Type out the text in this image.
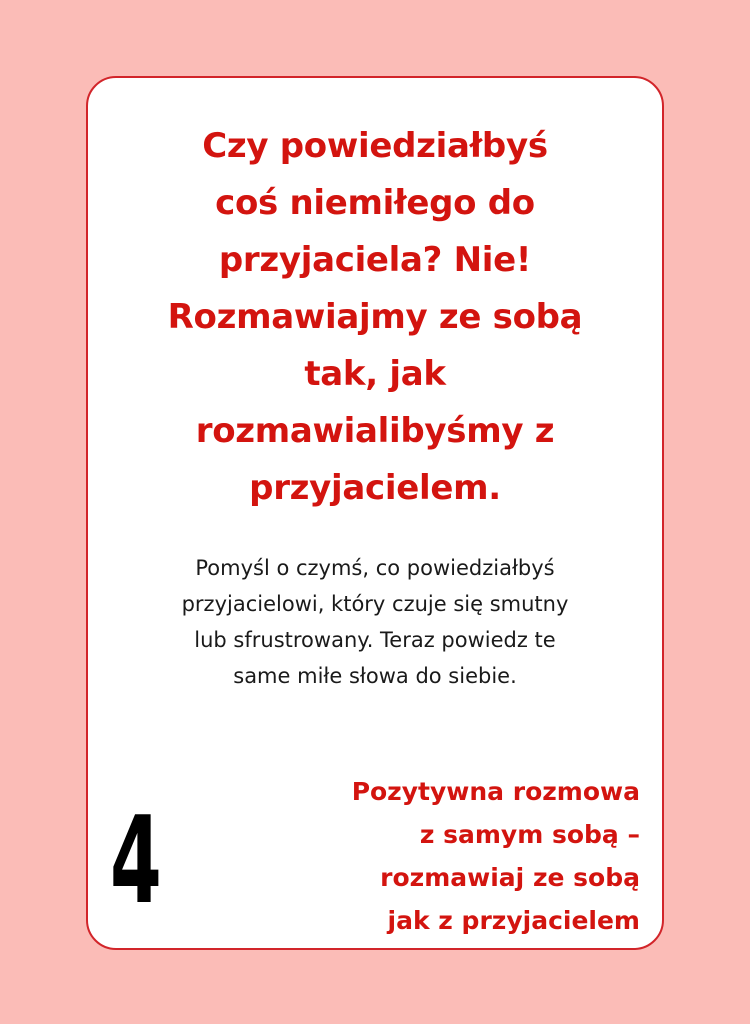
Czy powiedziałbyś
coś niemiłego do
przyjaciela? Nie!
Rozmawiajmy ze sobą
tak, jak
rozmawialibyśmy z
przyjacielem.

Pomyśl o czymś, co powiedziałbyś
przyjacielowi, który czuje się smutny
lub sfrustrowany. Teraz powiedz te
same miłe słowa do siebie.

4

Pozytywna rozmowa
z samym sobą –
rozmawiaj ze sobą
jak z przyjacielem
